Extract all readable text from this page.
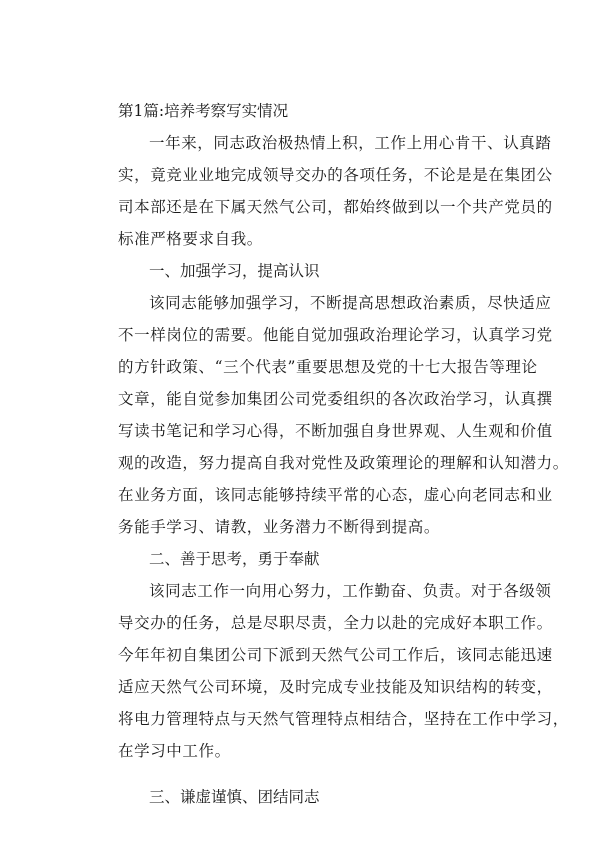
第1篇:培养考察写实情况
一年来，同志政治极热情上积，工作上用心肯干、认真踏
实，竟竞业业地完成领导交办的各项任务，不论是是在集团公
司本部还是在下属天然气公司，都始终做到以一个共产党员的
标准严格要求自我。
一、加强学习，提高认识
该同志能够加强学习，不断提高思想政治素质，尽快适应
不一样岗位的需要。他能自觉加强政治理论学习，认真学习党
的方针政策、“三个代表”重要思想及党的十七大报告等理论
文章，能自觉参加集团公司党委组织的各次政治学习，认真撰
写读书笔记和学习心得，不断加强自身世界观、人生观和价值
观的改造，努力提高自我对党性及政策理论的理解和认知潜力。
在业务方面，该同志能够持续平常的心态，虚心向老同志和业
务能手学习、请教，业务潜力不断得到提高。
二、善于思考，勇于奉献
该同志工作一向用心努力，工作勤奋、负责。对于各级领
导交办的任务，总是尽职尽责，全力以赴的完成好本职工作。
今年年初自集团公司下派到天然气公司工作后，该同志能迅速
适应天然气公司环境，及时完成专业技能及知识结构的转变，
将电力管理特点与天然气管理特点相结合，坚持在工作中学习，
在学习中工作。
三、谦虚谨慎、团结同志
